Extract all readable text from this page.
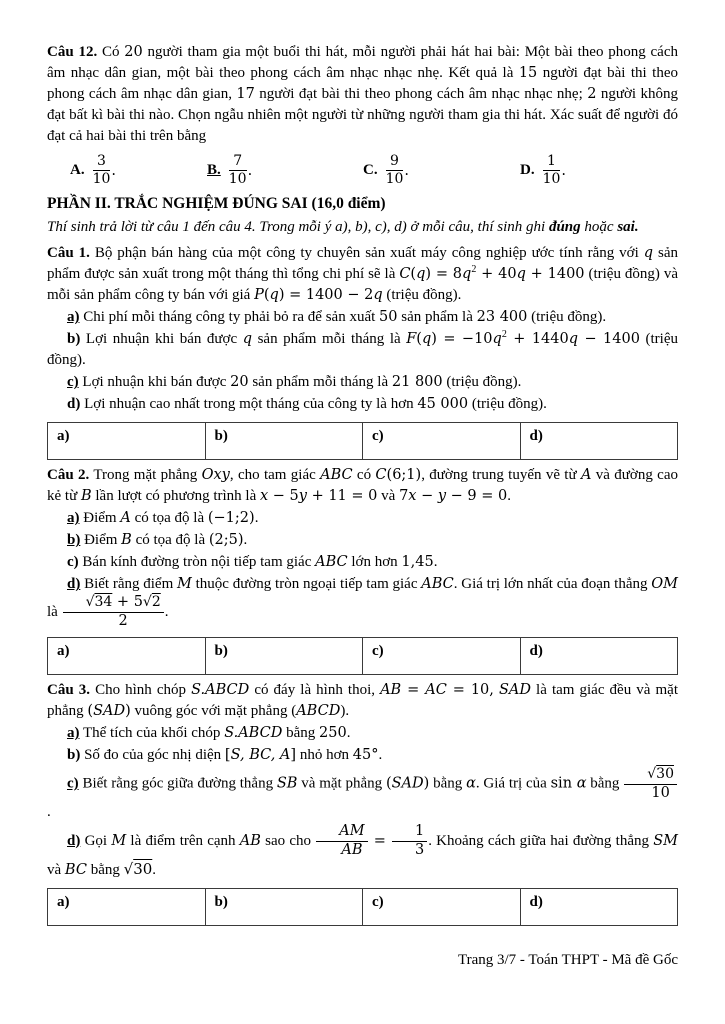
Câu 12. Có 20 người tham gia một buổi thi hát, mỗi người phải hát hai bài: Một bài theo phong cách âm nhạc dân gian, một bài theo phong cách âm nhạc nhạc nhẹ. Kết quả là 15 người đạt bài thi theo phong cách âm nhạc dân gian, 17 người đạt bài thi theo phong cách âm nhạc nhạc nhẹ; 2 người không đạt bất kì bài thi nào. Chọn ngẫu nhiên một người từ những người tham gia thi hát. Xác suất để người đó đạt cả hai bài thi trên bằng

A. $\frac{3}{10}$ .	B. $\frac{7}{10}$ .	C. $\frac{9}{10}$ .	D. $\frac{1}{10}$ .
PHẦN II. TRẮC NGHIỆM ĐÚNG SAI (16,0 điểm)

Thí sinh trả lời từ câu 1 đến câu 4. Trong mỗi ý a), b), c), d) ở mỗi câu, thí sinh ghi đúng hoặc sai.

Câu 1. Bộ phận bán hàng của một công ty chuyên sản xuất máy công nghiệp ước tính rằng với q sản phẩm được sản xuất trong một tháng thì tổng chi phí sẽ là $C(q) = 8q^2 + 40q + 1400$ (triệu đồng) và mỗi sản phẩm công ty bán với giá P(q) = 1400 − 2q (triệu đồng).

a) Chi phí mỗi tháng công ty phải bỏ ra để sản xuất 50 sản phẩm là 23 400 (triệu đồng).

b) Lợi nhuận khi bán được q sản phẩm mỗi tháng là $F(q) = -10q^2 + 1440q - 1400$ (triệu đồng).

c) Lợi nhuận khi bán được 20 sản phẩm mỗi tháng là 21 800 (triệu đồng).

d) Lợi nhuận cao nhất trong một tháng của công ty là hơn 45 000 (triệu đồng).

a)	b)	c)	d)

Câu 2. Trong mặt phẳng Oxy, cho tam giác ABC có C(6;1), đường trung tuyến vẽ từ A và đường cao kẻ từ B lần lượt có phương trình là x − 5y + 11 = 0 và 7x − y − 9 = 0.

a) Điểm A có tọa độ là (−1;2).

b) Điểm B có tọa độ là (2;5).

c) Bán kính đường tròn nội tiếp tam giác ABC lớn hơn 1,45.

d) Biết rằng điểm M thuộc đường tròn ngoại tiếp tam giác ABC. Giá trị lớn nhất của đoạn thẳng OM là $\frac{√34 + 5√2}{2}$ .

a)	b)	c)	d)

Câu 3. Cho hình chóp S.ABCD có đáy là hình thoi, AB = AC = 10, SAD là tam giác đều và mặt phẳng (SAD) vuông góc với mặt phẳng (ABCD).

a) Thể tích của khối chóp S.ABCD bằng 250.

b) Số đo của góc nhị diện [S, BC, A] nhỏ hơn 45°.

c) Biết rằng góc giữa đường thẳng SB và mặt phẳng (SAD) bằng α. Giá trị của sin α bằng $\frac{√30}{10}$
.

d) Gọi M là điểm trên cạnh AB sao cho $\frac{AM}{AB} = \frac{1}{3}$ . Khoảng cách giữa hai đường thẳng SM và BC bằng √30.

a)	b)	c)	d)
Trang 3/7 - Toán THPT - Mã đề Gốc
